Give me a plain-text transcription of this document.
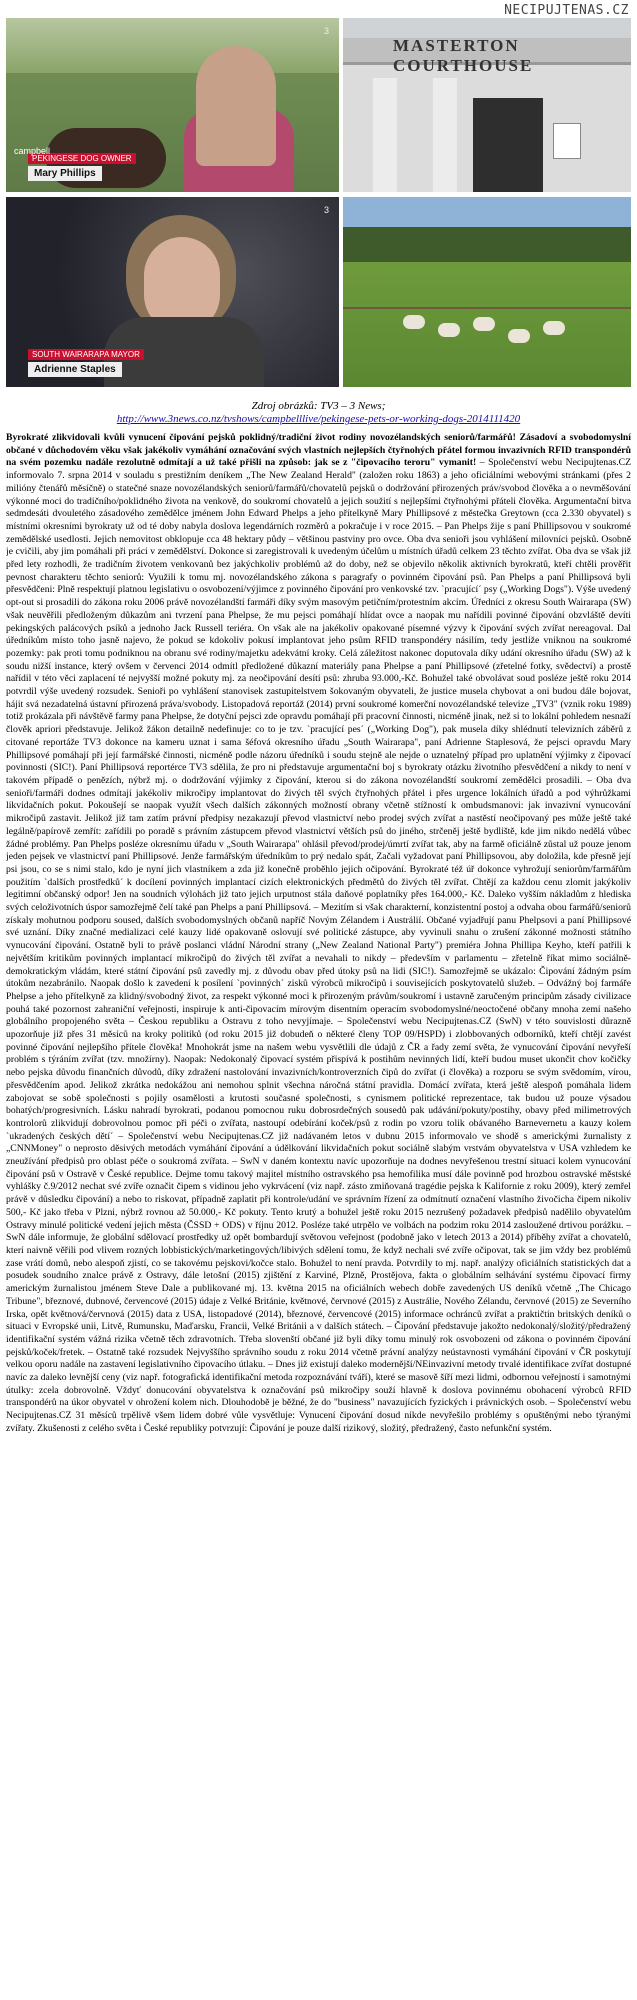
NECIPUJTENAS.CZ
3
PEKINGESE DOG OWNER
Mary Phillips
campbell
MASTERTON COURTHOUSE
3
SOUTH WAIRARAPA MAYOR
Adrienne Staples
Zdroj obrázků: TV3 – 3 News;
http://www.3news.co.nz/tvshows/campbelllive/pekingese-pets-or-working-dogs-2014111420

Byrokraté zlikvidovali kvůli vynucení čipování pejsků poklidný/tradiční život rodiny novozélandských seniorů/farmářů! Zásadoví a svobodomyslní občané v důchodovém věku však jakékoliv vymáhání označování svých vlastních nejlepších čtyřnohých přátel formou invazivních RFID transpondérů na svém pozemku nadále rezolutně odmítají a už také přišli na způsob: jak se z "čipovacího teroru" vymanit! – Společenství webu Necipujtenas.CZ informovalo 7. srpna 2014 v souladu s prestižním deníkem „The New Zealand Herald" (založen roku 1863) a jeho oficiálními webovými stránkami (přes 2 milióny čtenářů měsíčně) o statečné snaze novozélandských seniorů/farmářů/chovatelů pejsků o dodržování přirozených práv/svobod člověka a o nevměšování výkonné moci do tradičního/poklidného života na venkově, do soukromí chovatelů a jejich soužití s nejlepšími čtyřnohými přáteli člověka. Argumentační bitva sedmdesáti dvouletého zásadového zemědělce jménem John Edward Phelps a jeho přítelkyně Mary Phillipsové z městečka Greytown (cca 2.330 obyvatel) s místními okresními byrokraty už od té doby nabyla doslova legendárních rozměrů a pokračuje i v roce 2015. – Pan Phelps žije s paní Phillipsovou v soukromé zemědělské usedlosti. Jejich nemovitost obklopuje cca 48 hektary půdy – většinou pastviny pro ovce. Oba dva senioři jsou vyhlášení milovníci pejsků. Osobně je cvičili, aby jim pomáhali při práci v zemědělství. Dokonce si zaregistrovali k uvedeným účelům u místních úřadů celkem 23 těchto zvířat. Oba dva se však již před lety rozhodli, že tradičním životem venkovanů bez jakýchkoliv problémů až do doby, než se objevilo několik aktivních byrokratů, kteří chtěli prověřit pevnost charakteru těchto seniorů: Využili k tomu mj. novozélandského zákona s paragrafy o povinném čipování psů. Pan Phelps a paní Phillipsová byli přesvědčeni: Plně respektují platnou legislativu o osvobození/výjimce z povinného čipování pro venkovské tzv. `pracující´ psy („Working Dogs"). Výše uvedený opt-out si prosadili do zákona roku 2006 právě novozélandští farmáři díky svým masovým petičním/protestním akcím. Úředníci z okresu South Wairarapa (SW) však neuvěřili předloženým důkazům ani tvrzení pana Phelpse, že mu pejsci pomáhají hlídat ovce a naopak mu nařídili povinné čipování obzvláště devíti pekingských palácových psíků a jednoho Jack Russell teriéra. On však ale na jakékoliv opakované písemné výzvy k čipování svých zvířat nereagoval. Dal úředníkům místo toho jasně najevo, že pokud se kdokoliv pokusí implantovat jeho psům RFID transpondéry násilím, tedy jestliže vniknou na soukromé pozemky: pak proti tomu podniknou na obranu své rodiny/majetku adekvátní kroky. Celá záležitost nakonec doputovala díky udání okresního úřadu (SW) až k soudu nižší instance, který ovšem v červenci 2014 odmítl předložené důkazní materiály pana Phelpse a paní Phillipsové (zřetelné fotky, svědectví) a prostě nařídil v této věci zaplacení té nejvyšší možné pokuty mj. za neočipování desíti psů: zhruba 93.000,-Kč. Bohužel také obvolávat soud posléze ještě roku 2014 potvrdil výše uvedený rozsudek. Senioři po vyhlášení stanovisek zastupitelstvem šokovaným obyvateli, že justice musela chybovat a oni budou dále bojovat, hájit svá nezadatelná ústavní přirozená práva/svobody. Listopadová reportáž (2014) první soukromé komerční novozélandské televize „TV3" (vznik roku 1989) totiž prokázala při návštěvě farmy pana Phelpse, že dotyční pejsci zde opravdu pomáhají při pracovní činnosti, nicméně jinak, než si to lokální pohledem nesnaží člověk apriori představuje. Jelikož žákon detailně nedefinuje: co to je tzv. `pracující pes´ („Working Dog"), pak musela díky shlédnutí televizních záběrů z citované reportáže TV3 dokonce na kameru uznat i sama šéfová okresního úřadu „South Wairarapa", paní Adrienne Staplesová, že pejsci opravdu Mary Phillipsové pomáhají při její farmářské činnosti, nicméně podle názoru úředníků i soudu stejně ale nejde o uznatelný případ pro uplatnění výjimky z čipovací povinnosti (SIC!). Paní Phillipsová reportérce TV3 sdělila, že pro ni představuje argumentační boj s byrokraty otázku životního přesvědčení a nikdy to není v takovém případě o penězích, nýbrž mj. o dodržování výjimky z čipování, kterou si do zákona novozélandští soukromí zemědělci prosadili. – Oba dva senioři/farmáři dodnes odmítají jakékoliv mikročipy implantovat do živých těl svých čtyřnohých přátel i přes urgence lokálních úřadů a pod výhrůžkami likvidačních pokut. Pokoušejí se naopak využít všech dalších zákonných možností obrany včetně stížností k ombudsmanovi: jak invazivní vynucování mikročipů zastavit. Jelikož již tam zatím právní předpisy nezakazují převod vlastnictví nebo prodej svých zvířat a nastěstí neočipovaný pes může ještě také legálně/papírově zemřít: zařídili po poradě s právním zástupcem převod vlastnictví větších psů do jiného, strčeněj ještě bydliště, kde jim nikdo nedělá vůbec žádné problémy. Pan Phelps posléze okresnímu úřadu v „South Wairarapa" ohlásil převod/prodej/úmrtí zvířat tak, aby na farmě oficiálně zůstal už pouze jenom jeden pejsek ve vlastnictví paní Phillipsové. Jenže farmářským úředníkům to prý nedalo spát, Začali vyžadovat paní Phillipsovou, aby doložila, kde přesně její psi jsou, co se s nimi stalo, kdo je nyní jich vlastníkem a zda již konečně proběhlo jejich očipování. Byrokraté též úř dokonce vyhrožují seniorům/farmářům použitím `dalších prostředků´ k docílení povinných implantací cizích elektronických předmětů do živých těl zvířat. Chtějí za každou cenu zlomit jakýkoliv legitimní občanský odpor! Jen na soudních výlohách již tato jejich urputnost stála daňové poplatníky přes 164.000,- Kč. Daleko vyšším nákladům z hlediska svých celoživotních úspor samozřejmě čelí také pan Phelps a paní Phillipsová. – Mezitím si však charakterní, konzistentní postoj a odvaha obou farmářů/seniorů získaly mohutnou podporu soused, dalších svobodomyslných občanů napříč Novým Zélandem i Austrálií. Občané vyjadřují panu Phelpsovi a paní Phillipsové své uznání. Díky značné medializaci celé kauzy lidé opakovaně oslovují své politické zástupce, aby vyvinuli snahu o zrušení zákonné možnosti státního vynucování čipování. Ostatně byli to právě poslanci vládní Národní strany („New Zealand National Party") premiéra Johna Phillipa Keyho, kteří patřili k největším kritikům povinných implantací mikročipů do živých těl zvířat a nevahali to nikdy – především v parlamentu – zřetelně říkat mimo sociálně-demokratickým vládám, které státní čipování psů zavedly mj. z důvodu obav před útoky psů na lidi (SIC!). Samozřejmě se ukázalo: Čipování žádným psím útokům nezabránilo. Naopak došlo k zavedení k posílení `povinných´ zisků výrobců mikročipů i souvisejících poskytovatelů služeb. – Odvážný boj farmáře Phelpse a jeho přítelkyně za klidný/svobodný život, za respekt výkonné moci k přirozeným právům/soukromí i ustavně zaručeným principům zásady civilizace pouhá také pozornost zahraniční veřejnosti, inspiruje k anti-čipovacím mírovým disentním operacím svobodomyslné/neoctočené občany mnoha zemí našeho globálního propojeného světa – Českou republiku a Ostravu z toho nevyjímaje. – Společenství webu Necipujtenas.CZ (SwN) v této souvislosti důrazně upozorňuje již přes 31 měsíců na kroky politiků (od roku 2015 již dobudeň o některé členy TOP 09/HSPD) i zlobbovaných odborníků, kteří chtějí zavést povinné čipování nejlepšího přítele člověka! Mnohokrát jsme na našem webu vysvětlili dle údajů z ČR a řady zemí světa, že vynucování čipování nevyřeší problém s týráním zvířat (tzv. množírny). Naopak: Nedokonalý čipovací systém přispívá k postihům nevinných lidí, kteří budou muset ukončit chov kočičky nebo pejska důvodu finančních důvodů, díky zdražení nastolování invazivních/kontroverzních čipů do zvířat (i člověka) a rozporu se svým svědomím, vírou, přesvědčením apod. Jelikož zkrátka nedokážou ani nemohou splnit všechna náročná státní pravidla. Domácí zvířata, která ještě alespoň pomáhala lidem zabojovat se sobě společnosti s pojily osamělosti a krutosti současné společnosti, s cynismem politické reprezentace, tak budou už pouze výsadou bohatých/progresivních. Lásku nahradí byrokrati, podanou pomocnou ruku dobrosrdečných sousedů pak udávání/pokuty/postihy, obavy před milimetrových kontrolorů zlikvidují dobrovolnou pomoc při péči o zvířata, nastoupí odebírání koček/psů z rodin po vzoru tolik obávaného Barnevernetu a kauzy kolem `ukradených českých dětí´ – Společenství webu Necipujtenas.CZ již nadávaném letos v dubnu 2015 informovalo ve shodě s americkými žurnalisty z „CNNMoney" o neprosto děsivých metodách vymáhání čipování a údělkování likvidačních pokut sociálně slabým vrstvám obyvatelstva v USA vzhledem ke zneužívání předpisů pro oblast péče o soukromá zvířata. – SwN v daném kontextu navíc upozorňuje na dodnes nevyřešenou trestní situaci kolem vynucování čipování psů v Ostravě v České republice. Dejme tomu takový majitel místního ostravského psa hemofilika musí dále povinně pod hrozbou ostravské městské vyhlášky č.9/2012 nechat své zvíře označit čipem s vidinou jeho vykrvácení (viz např. zásto zmiňovaná tragédie pejska k Kalifornie z roku 2009), který zemřel právě v důsledku čipování) a nebo to riskovat, případně zaplatit při kontrole/udání ve správním řízení za odmítnutí označení vlastního živočicha čipem nikoliv 500,- Kč jako třeba v Plzni, nýbrž rovnou až 50.000,- Kč pokuty. Tento krutý a bohužel ještě roku 2015 nezrušený požadavek předpisů nadělilo obyvatelům Ostravy minulé politické vedení jejich města (ČSSD + ODS) v říjnu 2012. Posléze také utrpělo ve volbách na podzim roku 2014 zasloužené drtivou porážku. – SwN dále informuje, že globální sdělovací prostředky už opět bombardují světovou veřejnost (podobně jako v letech 2013 a 2014) příběhy zvířat a chovatelů, kterí naivně věřili pod vlivem rozných lobbistických/marketingových/libivých sdělení tomu, že když nechali své zvíře očipovat, tak se jim vždy bez problémů zase vrátí domů, nebo alespoň zjistí, co se takovému pejskovi/kočce stalo. Bohužel to není pravda. Potvrdily to mj. např. analýzy oficiálních statistických dat a posudek soudního znalce právě z Ostravy, dále letošní (2015) zjištění z Karviné, Plzně, Prostějova, fakta o globálním selhávání systému čipovací firmy americkým žurnalistou jménem Steve Dale a publikované mj. 13. května 2015 na oficiálních webech dobře zavedených US deníků včetně „The Chicago Tribune", březnové, dubnové, červencové (2015) údaje z Velké Británie, květnové, červnové (2015) z Austrálie, Nového Zélandu, červnové (2015) ze Severního Irska, opět květnová/červnová (2015) data z USA, listopadové (2014), březnové, červencové (2015) informace ochránců zvířat a praktičtín britských deníků o situaci v Evropské unii, Litvě, Rumunsku, Maďarsku, Francii, Velké Británii a v dalších státech. – Čipování představuje jakožto nedokonalý/složitý/předražený identifikační systém vážná rizika včetně těch zdravotních. Třeba slovenští občané již byli díky tomu minulý rok osvobozeni od zákona o povinném čipování pejsků/koček/fretek. – Ostatně také rozsudek Nejvyššího správního soudu z roku 2014 včetně právní analýzy neústavnosti vymáhání čipování v ČR poskytují velkou oporu nadále na zastavení legislativního čipovacího útlaku. – Dnes již existují daleko modernější/NEinvazivní metody trvalé identifikace zvířat dostupné navíc za daleko levnější ceny (viz např. fotografická identifikační metoda rozpoznávání tváří), které se masově šíří mezi lidmi, odbornou veřejností i samotnými útulky: zcela dobrovolně. Vždyť donucování obyvatelstva k označování psů mikročipy souží hlavně k doslova povinnému obohacení výrobců RFID transpondérů na úkor obyvatel v ohrožení kolem nich. Dlouhodobě je běžné, že do "business" navazujících fyzických i právnických osob. – Společenství webu Necipujtenas.CZ 31 měsíců trpělivě všem lidem dobré vůle vysvětluje: Vynucení čipování dosud nikde nevyřešilo problémy s opuštěnými nebo týranými zvířaty. Zkušenosti z celého světa i České republiky potvrzují: Čipování je pouze další rizikový, složitý, předražený, často nefunkční systém.
